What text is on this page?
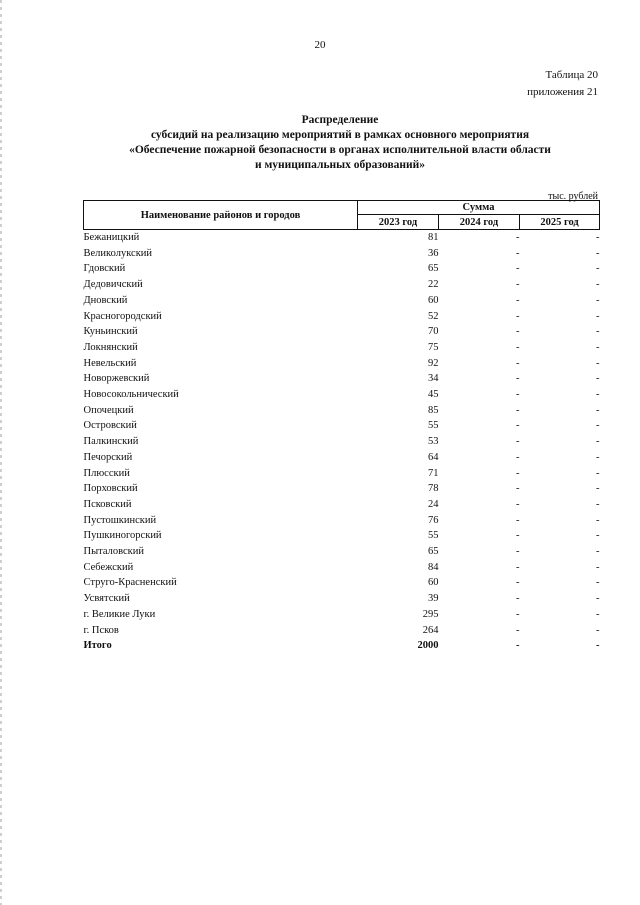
20
Таблица 20
приложения 21
Распределение
субсидий на реализацию мероприятий в рамках основного мероприятия
«Обеспечение пожарной безопасности в органах исполнительной власти области
и муниципальных образований»
тыс. рублей
Наименование районов и городов	Сумма		
	2023 год	2024 год	2025 год
Бежаницкий	81	-	-
Великолукский	36	-	-
Гдовский	65	-	-
Дедовичский	22	-	-
Дновский	60	-	-
Красногородский	52	-	-
Куньинский	70	-	-
Локнянский	75	-	-
Невельский	92	-	-
Новоржевский	34	-	-
Новосокольнический	45	-	-
Опочецкий	85	-	-
Островский	55	-	-
Палкинский	53	-	-
Печорский	64	-	-
Плюсский	71	-	-
Порховский	78	-	-
Псковский	24	-	-
Пустошкинский	76	-	-
Пушкиногорский	55	-	-
Пыталовский	65	-	-
Себежский	84	-	-
Струго-Красненский	60	-	-
Усвятский	39	-	-
г. Великие Луки	295	-	-
г. Псков	264	-	-
Итого	2000	-	-
